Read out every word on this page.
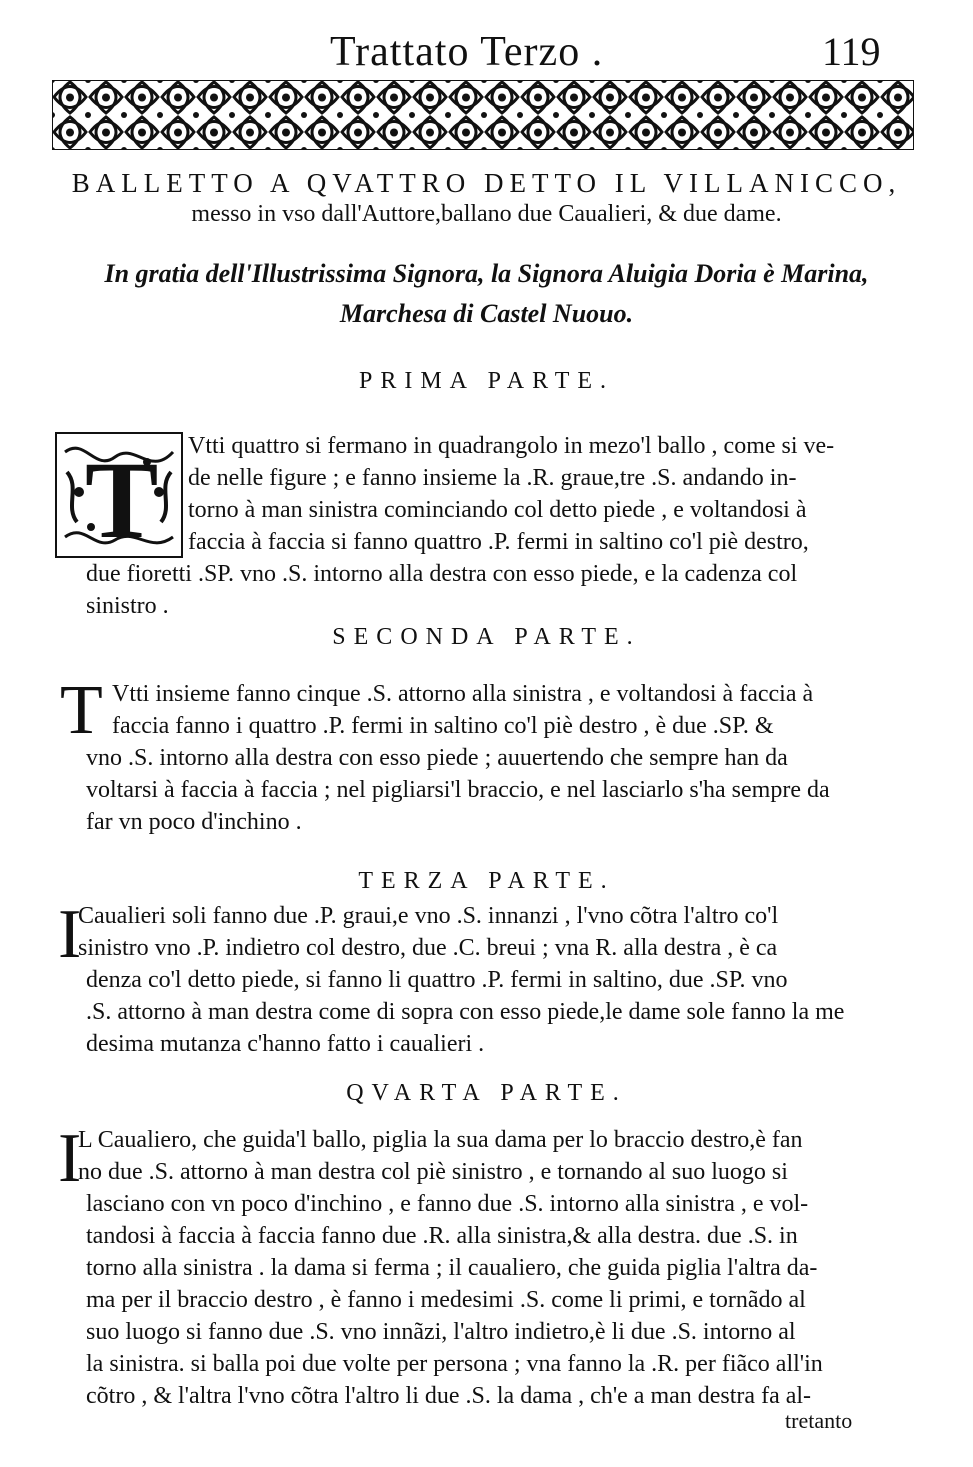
Trattato Terzo .	119
BALLETTO A QVATTRO DETTO IL VILLANICCO,
messo in vso dall'Auttore,ballano due Caualieri, & due dame.
In gratia dell'Illustrissima Signora, la Signora Aluigia Doria è Marina,
Marchesa di Castel Nuouo.
PRIMA PARTE.
T Vtti quattro si fermano in quadrangolo in mezo'l ballo , come si ve-
de nelle figure ; e fanno insieme la .R. graue,tre .S. andando in-
torno à man sinistra cominciando col detto piede , e voltandosi à
faccia à faccia si fanno quattro .P. fermi in saltino co'l piè destro,
due fioretti .SP. vno .S. intorno alla destra con esso piede, e la cadenza col
sinistro .
SECONDA PARTE.
T Vtti insieme fanno cinque .S. attorno alla sinistra , e voltandosi à faccia à
faccia fanno i quattro .P. fermi in saltino co'l piè destro , è due .SP. &
vno .S. intorno alla destra con esso piede ; auuertendo che sempre han da
voltarsi à faccia à faccia ; nel pigliarsi'l braccio, e nel lasciarlo s'ha sempre da
far vn poco d'inchino .
TERZA PARTE.
I
Caualieri soli fanno due .P. graui,e vno .S. innanzi , l'vno cõtra l'altro co'l
sinistro vno .P. indietro col destro, due .C. breui ; vna R. alla destra , è ca
denza co'l detto piede, si fanno li quattro .P. fermi in saltino, due .SP. vno
.S. attorno à man destra come di sopra con esso piede,le dame sole fanno la me
desima mutanza c'hanno fatto i caualieri .
QVARTA PARTE.
I
L Caualiero, che guida'l ballo, piglia la sua dama per lo braccio destro,è fan
no due .S. attorno à man destra col piè sinistro , e tornando al suo luogo si
lasciano con vn poco d'inchino , e fanno due .S. intorno alla sinistra , e vol-
tandosi à faccia à faccia fanno due .R. alla sinistra,& alla destra. due .S. in
torno alla sinistra . la dama si ferma ; il caualiero, che guida piglia l'altra da-
ma per il braccio destro , è fanno i medesimi .S. come li primi, e tornãdo al
suo luogo si fanno due .S. vno innãzi, l'altro indietro,è li due .S. intorno al
la sinistra. si balla poi due volte per persona ; vna fanno la .R. per fiãco all'in
cõtro , & l'altra l'vno cõtra l'altro li due .S. la dama , ch'e a man destra fa al-
tretanto
